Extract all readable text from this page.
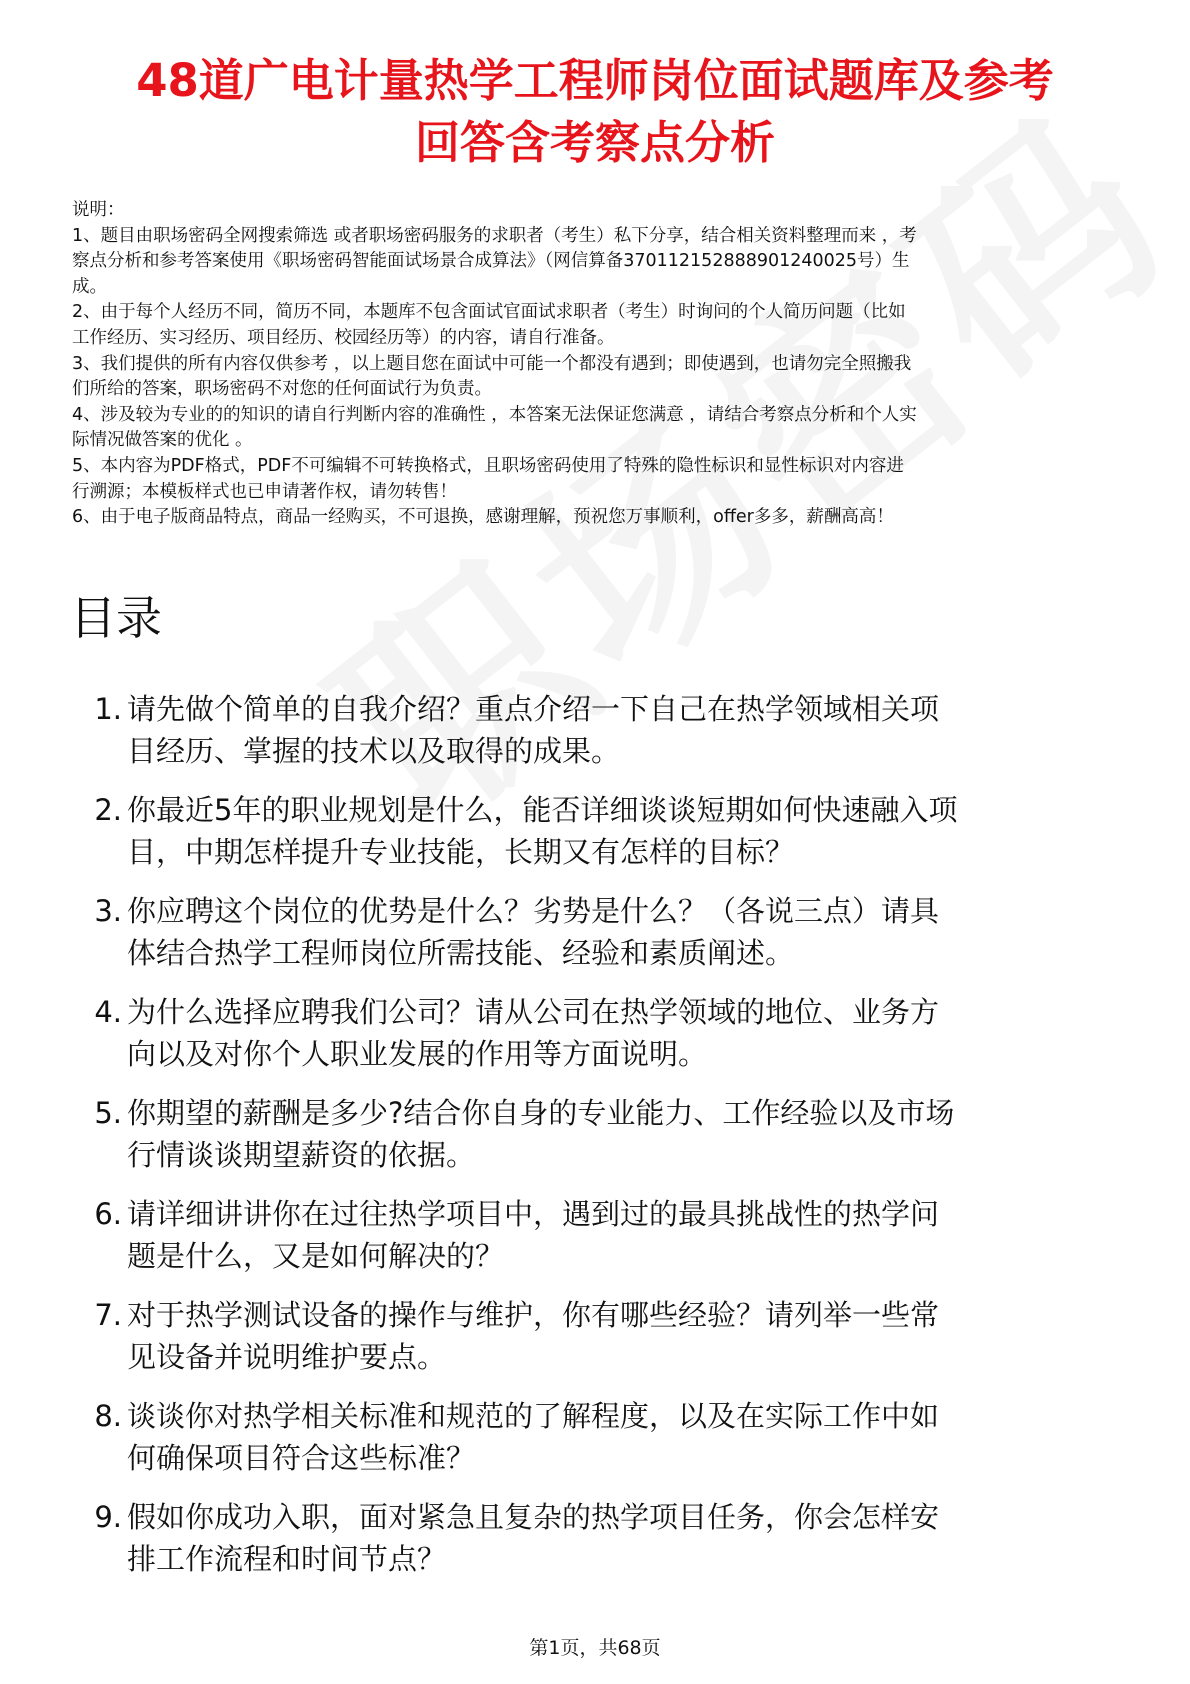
48道广电计量热学工程师岗位面试题库及参考
回答含考察点分析
说明：
1、题目由职场密码全网搜索筛选 或者职场密码服务的求职者（考生）私下分享，结合相关资料整理而来 ，考
察点分析和参考答案使用《职场密码智能面试场景合成算法》（网信算备370112152888901240025号）生
成。
2、由于每个人经历不同，简历不同，本题库不包含面试官面试求职者（考生）时询问的个人简历问题（比如
工作经历、实习经历、项目经历、校园经历等）的内容，请自行准备。
3、我们提供的所有内容仅供参考 ，以上题目您在面试中可能一个都没有遇到；即使遇到，也请勿完全照搬我
们所给的答案，职场密码不对您的任何面试行为负责。
4、涉及较为专业的的知识的请自行判断内容的准确性 ，本答案无法保证您满意 ，请结合考察点分析和个人实
际情况做答案的优化 。
5、本内容为PDF格式，PDF不可编辑不可转换格式，且职场密码使用了特殊的隐性标识和显性标识对内容进
行溯源；本模板样式也已申请著作权，请勿转售！
6、由于电子版商品特点，商品一经购买，不可退换，感谢理解，预祝您万事顺利，offer多多，薪酬高高！
目录
1. 请先做个简单的自我介绍？重点介绍一下自己在热学领域相关项
目经历、掌握的技术以及取得的成果。
2. 你最近5年的职业规划是什么，能否详细谈谈短期如何快速融入项
目，中期怎样提升专业技能，长期又有怎样的目标？
3. 你应聘这个岗位的优势是什么？劣势是什么？（各说三点）请具
体结合热学工程师岗位所需技能、经验和素质阐述。
4. 为什么选择应聘我们公司？请从公司在热学领域的地位、业务方
向以及对你个人职业发展的作用等方面说明。
5. 你期望的薪酬是多少?结合你自身的专业能力、工作经验以及市场
行情谈谈期望薪资的依据。
6. 请详细讲讲你在过往热学项目中，遇到过的最具挑战性的热学问
题是什么，又是如何解决的？
7. 对于热学测试设备的操作与维护，你有哪些经验？请列举一些常
见设备并说明维护要点。
8. 谈谈你对热学相关标准和规范的了解程度，以及在实际工作中如
何确保项目符合这些标准？
9. 假如你成功入职，面对紧急且复杂的热学项目任务，你会怎样安
排工作流程和时间节点？
第1页，共68页
